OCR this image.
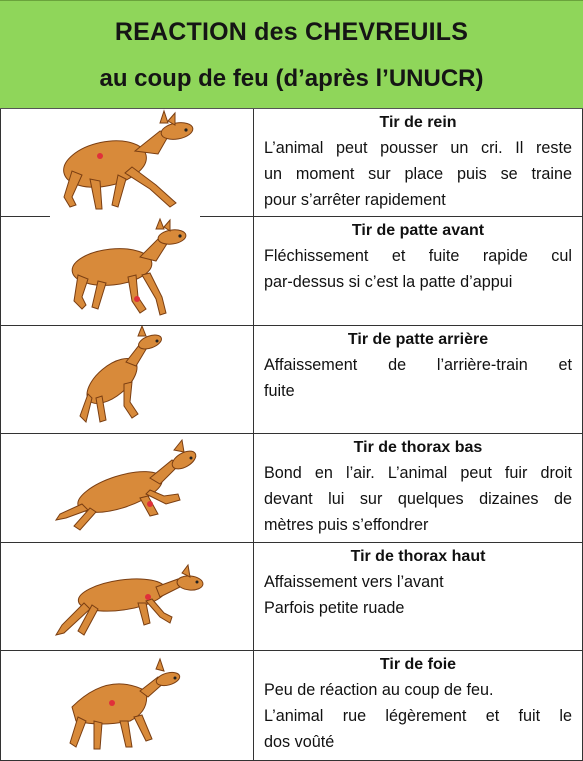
REACTION des CHEVREUILS
au coup de feu (d’après l’UNUCR)
Tir de rein
L’animal peut pousser un cri. Il reste
un moment sur place puis se traine
pour s’arrêter rapidement
Tir de patte avant
Fléchissement et fuite rapide cul
par-dessus si c’est la patte d’appui
Tir de patte arrière
Affaissement de l’arrière-train et
fuite
Tir de thorax bas
Bond en l’air. L’animal peut fuir droit
devant lui sur quelques dizaines de
mètres puis s’effondrer
Tir de thorax haut
Affaissement vers l’avant
Parfois petite ruade
Tir de foie
Peu de réaction au coup de feu.
L’animal rue légèrement et fuit le
dos voûté
